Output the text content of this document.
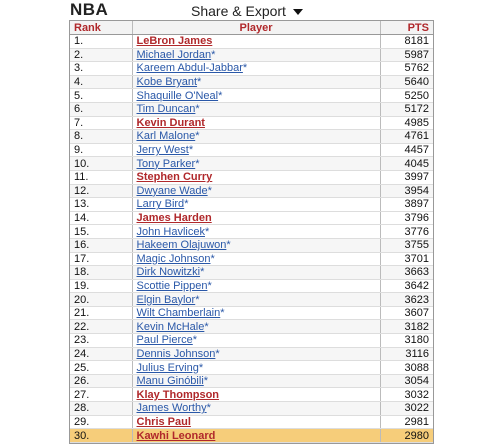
NBA	Share & Export
Rank	Player	PTS
1.	LeBron James	8181
2.	Michael Jordan*	5987
3.	Kareem Abdul-Jabbar*	5762
4.	Kobe Bryant*	5640
5.	Shaquille O'Neal*	5250
6.	Tim Duncan*	5172
7.	Kevin Durant	4985
8.	Karl Malone*	4761
9.	Jerry West*	4457
10.	Tony Parker*	4045
11.	Stephen Curry	3997
12.	Dwyane Wade*	3954
13.	Larry Bird*	3897
14.	James Harden	3796
15.	John Havlicek*	3776
16.	Hakeem Olajuwon*	3755
17.	Magic Johnson*	3701
18.	Dirk Nowitzki*	3663
19.	Scottie Pippen*	3642
20.	Elgin Baylor*	3623
21.	Wilt Chamberlain*	3607
22.	Kevin McHale*	3182
23.	Paul Pierce*	3180
24.	Dennis Johnson*	3116
25.	Julius Erving*	3088
26.	Manu Ginóbili*	3054
27.	Klay Thompson	3032
28.	James Worthy*	3022
29.	Chris Paul	2981
30.	Kawhi Leonard	2980
